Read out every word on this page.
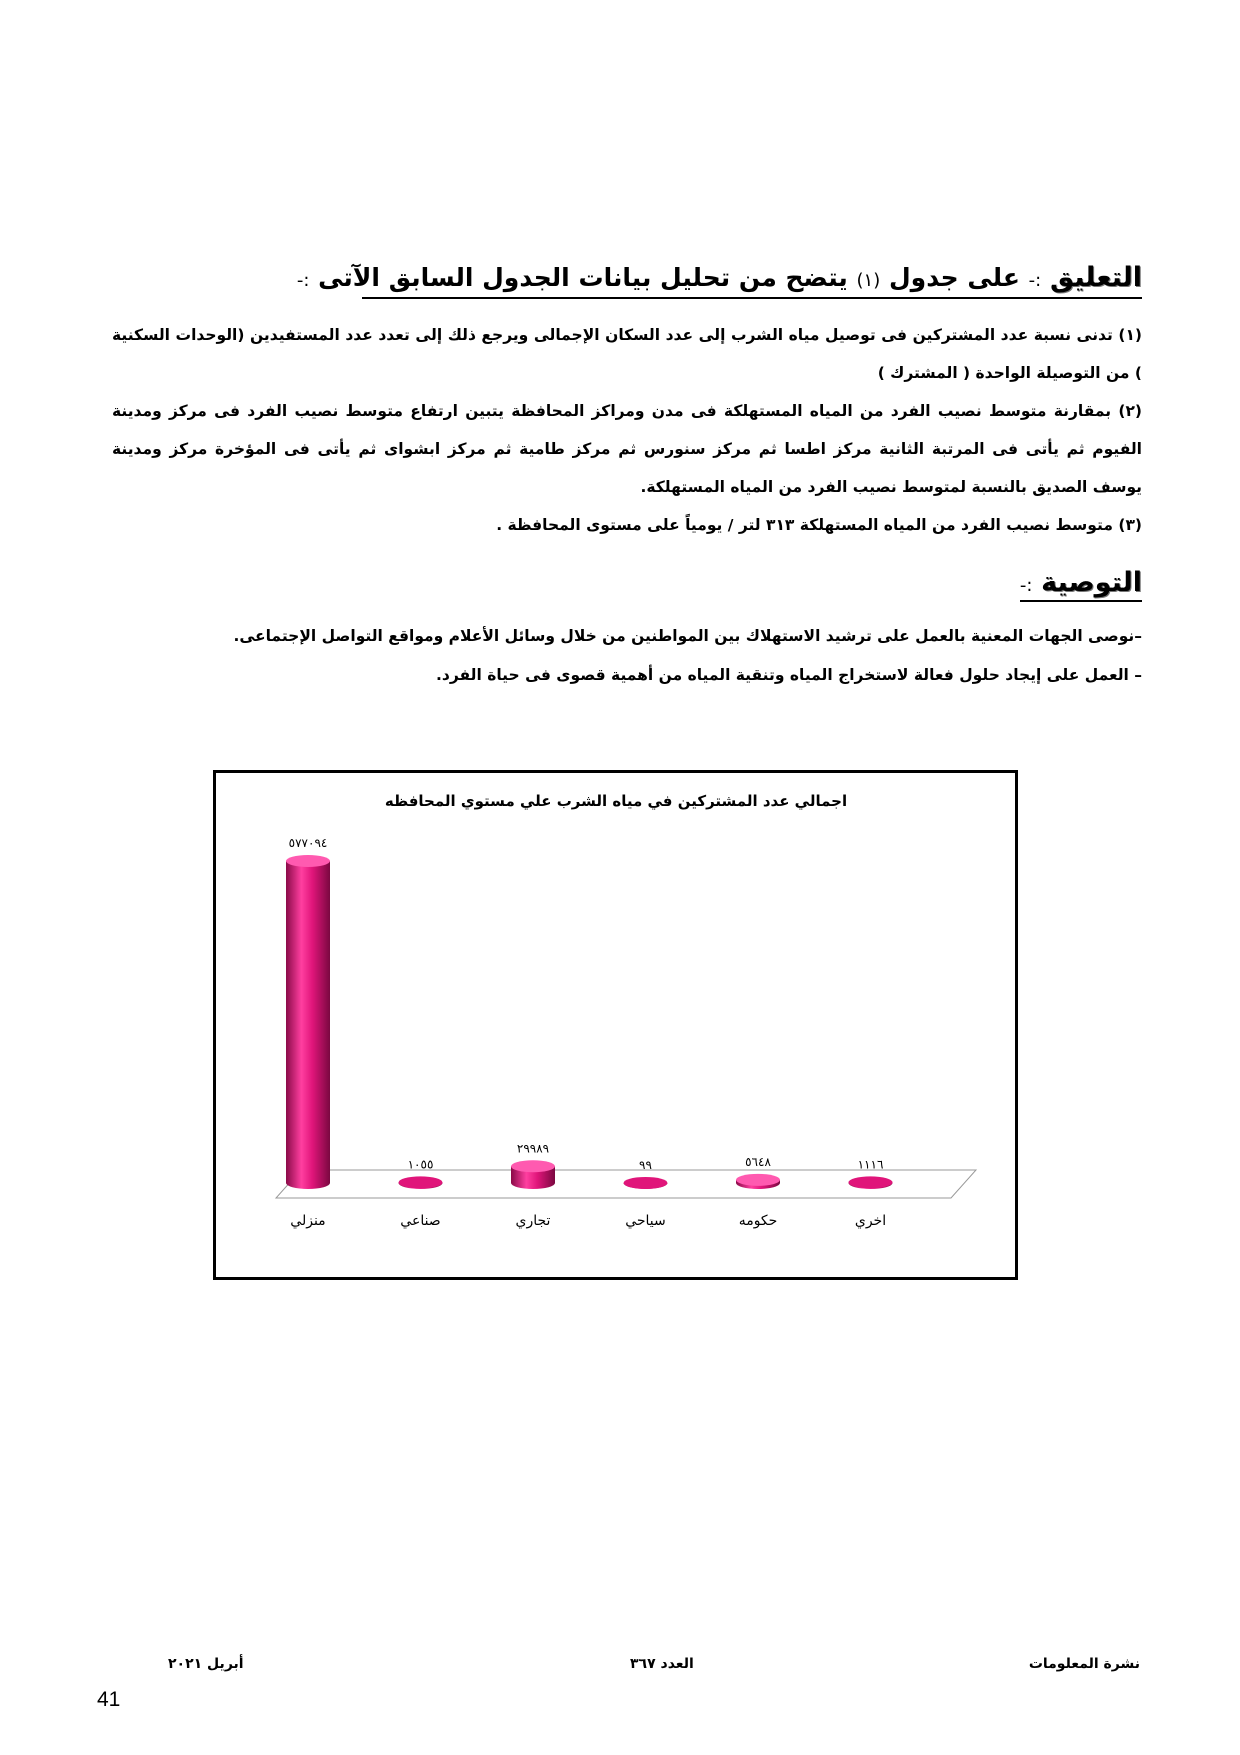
التعليق :- على جدول (١) يتضح من تحليل بيانات الجدول السابق الآتى :-

(١) تدنى نسبة عدد المشتركين فى توصيل مياه الشرب إلى عدد السكان الإجمالى ويرجع ذلك إلى تعدد عدد المستفيدين (الوحدات السكنية ) من التوصيلة الواحدة ( المشترك )

(٢) بمقارنة متوسط نصيب الفرد من المياه المستهلكة فى مدن ومراكز المحافظة يتبين ارتفاع متوسط نصيب الفرد فى مركز ومدينة الفيوم ثم يأتى فى المرتبة الثانية مركز اطسا ثم مركز سنورس ثم مركز طامية ثم مركز ابشواى ثم يأتى فى المؤخرة مركز ومدينة يوسف الصديق بالنسبة لمتوسط نصيب الفرد من المياه المستهلكة.

(٣) متوسط نصيب الفرد من المياه المستهلكة ٣١٣ لتر / يومياً على مستوى المحافظة .

التوصية :-

–نوصى الجهات المعنية بالعمل على ترشيد الاستهلاك بين المواطنين من خلال وسائل الأعلام ومواقع التواصل الإجتماعى.

– العمل على إيجاد حلول فعالة لاستخراج المياه وتنقية المياه من أهمية قصوى فى حياة الفرد.

اجمالي عدد المشتركين في مياه الشرب علي مستوي المحافظه
٥٧٧٠٩٤
١٠٥٥
٢٩٩٨٩
٩٩	٥٦٤٨	١١١٦
منزلي	صناعي	تجاري	سياحي	حكومه	اخري
أبريل ٢٠٢١	العدد ٣٦٧	نشرة المعلومات
41
